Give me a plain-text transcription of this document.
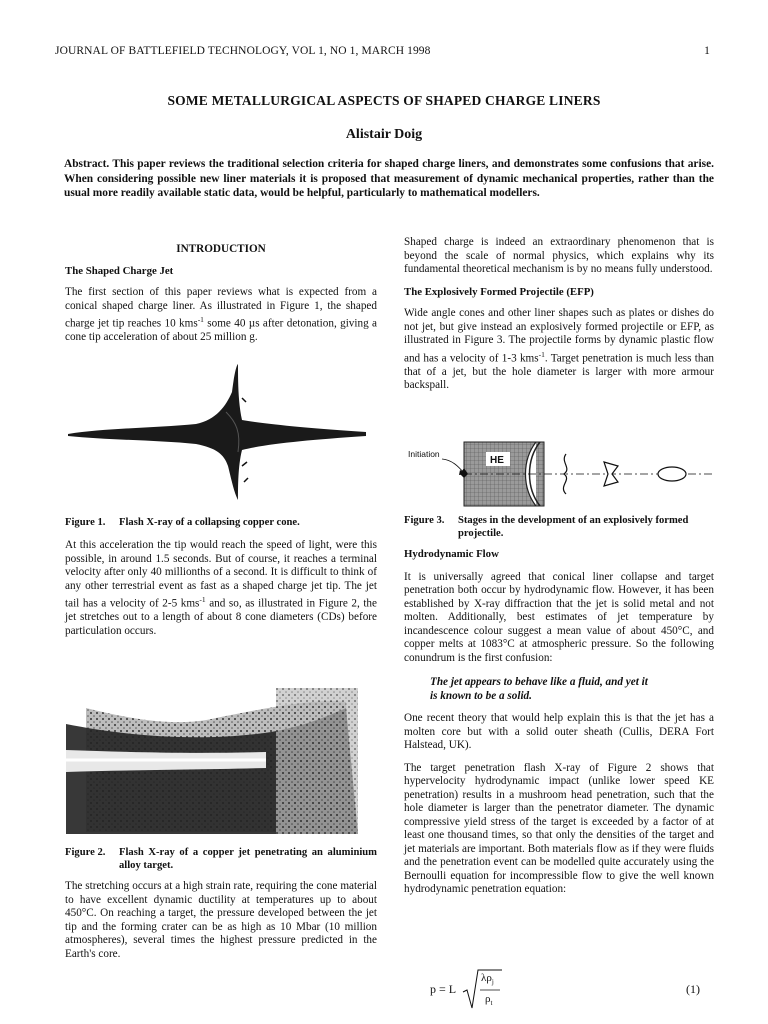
JOURNAL OF BATTLEFIELD TECHNOLOGY, VOL 1, NO 1, MARCH 1998	1
SOME METALLURGICAL ASPECTS OF SHAPED CHARGE LINERS
Alistair Doig
Abstract. This paper reviews the traditional selection criteria for shaped charge liners, and demonstrates some confusions that arise. When considering possible new liner materials it is proposed that measurement of dynamic mechanical properties, rather than the usual more readily available static data, would be helpful, particularly to mathematical modellers.
INTRODUCTION
The Shaped Charge Jet

The first section of this paper reviews what is expected from a conical shaped charge liner. As illustrated in Figure 1, the shaped charge jet tip reaches 10 kms$^{-1}$ some 40 µs after detonation, giving a cone tip acceleration of about 25 million g.

Figure 1. Flash X-ray of a collapsing copper cone.

At this acceleration the tip would reach the speed of light, were this possible, in around 1.5 seconds. But of course, it reaches a terminal velocity after only 40 millionths of a second. It is difficult to think of any other terrestrial event as fast as a shaped charge jet tip. The jet tail has a velocity of 2-5 kms$^{-1}$ and so, as illustrated in Figure 2, the jet stretches out to a length of about 8 cone diameters (CDs) before particulation occurs.

Figure 2.	Flash X-ray of a copper jet penetrating an aluminium alloy target.

The stretching occurs at a high strain rate, requiring the cone material to have excellent dynamic ductility at temperatures up to about 450°C. On reaching a target, the pressure developed between the jet tip and the forming crater can be as high as 10 Mbar (10 million atmospheres), several times the highest pressure predicted in the Earth's core.

Shaped charge is indeed an extraordinary phenomenon that is beyond the scale of normal physics, which explains why its fundamental theoretical mechanism is by no means fully understood.

The Explosively Formed Projectile (EFP)

Wide angle cones and other liner shapes such as plates or dishes do not jet, but give instead an explosively formed projectile or EFP, as illustrated in Figure 3. The projectile forms by dynamic plastic flow and has a velocity of 1-3 kms$^{-1}$. Target penetration is much less than that of a jet, but the hole diameter is larger with more armour backspall.

HE
Initiation
Figure 3.	Stages in the development of an explosively formed projectile.
Hydrodynamic Flow

It is universally agreed that conical liner collapse and target penetration both occur by hydrodynamic flow. However, it has been established by X-ray diffraction that the jet is solid metal and not molten. Additionally, best estimates of jet temperature by incandescence colour suggest a mean value of about 450°C, and copper melts at 1083°C at atmospheric pressure. So the following conundrum is the first confusion:

The jet appears to behave like a fluid, and yet it
is known to be a solid.

One recent theory that would help explain this is that the jet has a molten core but with a solid outer sheath (Cullis, DERA Fort Halstead, UK).

The target penetration flash X-ray of Figure 2 shows that hypervelocity hydrodynamic impact (unlike lower speed KE penetration) results in a mushroom head penetration, such that the hole diameter is larger than the penetrator diameter. The dynamic compressive yield stress of the target is exceeded by a factor of at least one thousand times, so that only the densities of the target and jet materials are important. Both materials flow as if they were fluids and the penetration event can be modelled quite accurately using the Bernoulli equation for incompressible flow to give the well known hydrodynamic penetration equation:

p = L
$\lambda\rho_j$
$\rho_t$
(1)
